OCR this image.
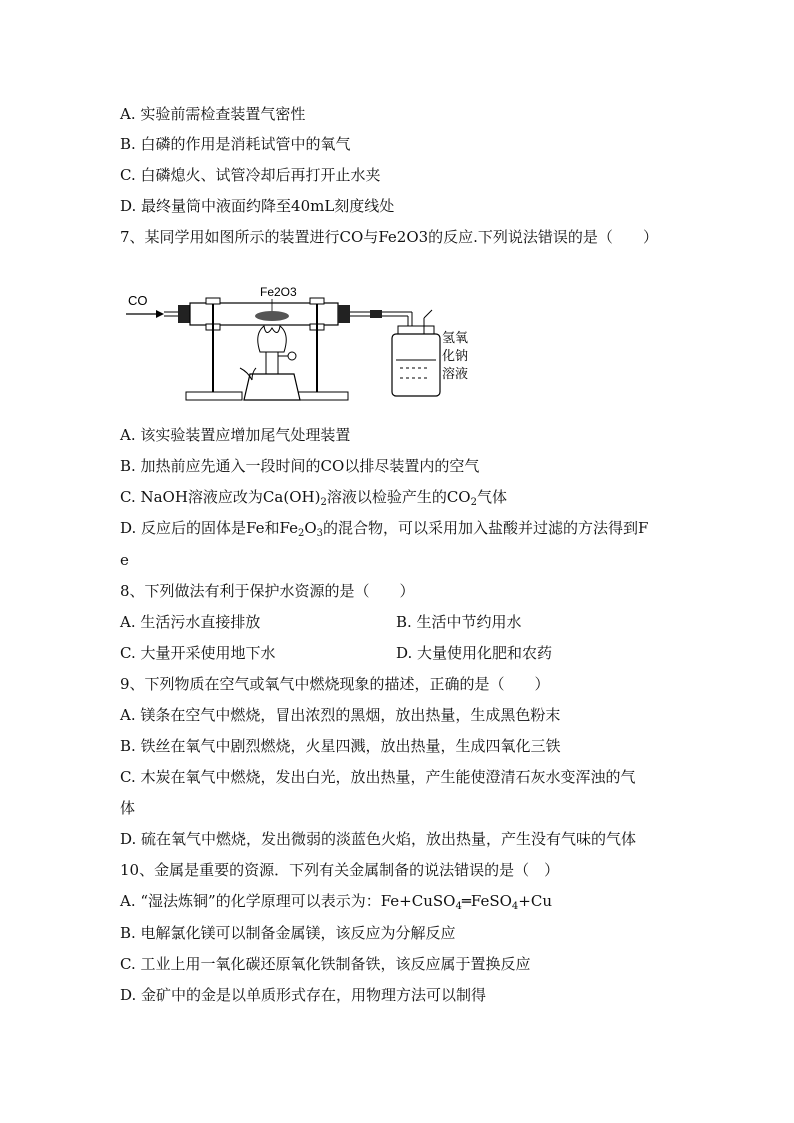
A. 实验前需检查装置气密性
B. 白磷的作用是消耗试管中的氧气
C. 白磷熄火、试管冷却后再打开止水夹
D. 最终量筒中液面约降至40mL刻度线处
7、某同学用如图所示的装置进行CO与Fe2O3的反应.下列说法错误的是（　　）
CO
Fe2O3
氢氧
化钠
溶液
A. 该实验装置应增加尾气处理装置
B. 加热前应先通入一段时间的CO以排尽装置内的空气
C. NaOH溶液应改为$Ca(OH)_2$溶液以检验产生的$CO_2$气体
D. 反应后的固体是Fe和$Fe_2O_3$的混合物，可以采用加入盐酸并过滤的方法得到F
e
8、下列做法有利于保护水资源的是（　　）
A. 生活污水直接排放	B. 生活中节约用水
C. 大量开采使用地下水	D. 大量使用化肥和农药
9、下列物质在空气或氧气中燃烧现象的描述，正确的是（　　）
A. 镁条在空气中燃烧，冒出浓烈的黑烟，放出热量，生成黑色粉末
B. 铁丝在氧气中剧烈燃烧，火星四溅，放出热量，生成四氧化三铁
C. 木炭在氧气中燃烧，发出白光，放出热量，产生能使澄清石灰水变浑浊的气
体
D. 硫在氧气中燃烧，发出微弱的淡蓝色火焰，放出热量，产生没有气味的气体
10、金属是重要的资源．下列有关金属制备的说法错误的是（　）
A. “湿法炼铜”的化学原理可以表示为：Fe+CuSO$_4$═FeSO$_4$+Cu
B. 电解氯化镁可以制备金属镁，该反应为分解反应
C. 工业上用一氧化碳还原氧化铁制备铁，该反应属于置换反应
D. 金矿中的金是以单质形式存在，用物理方法可以制得
